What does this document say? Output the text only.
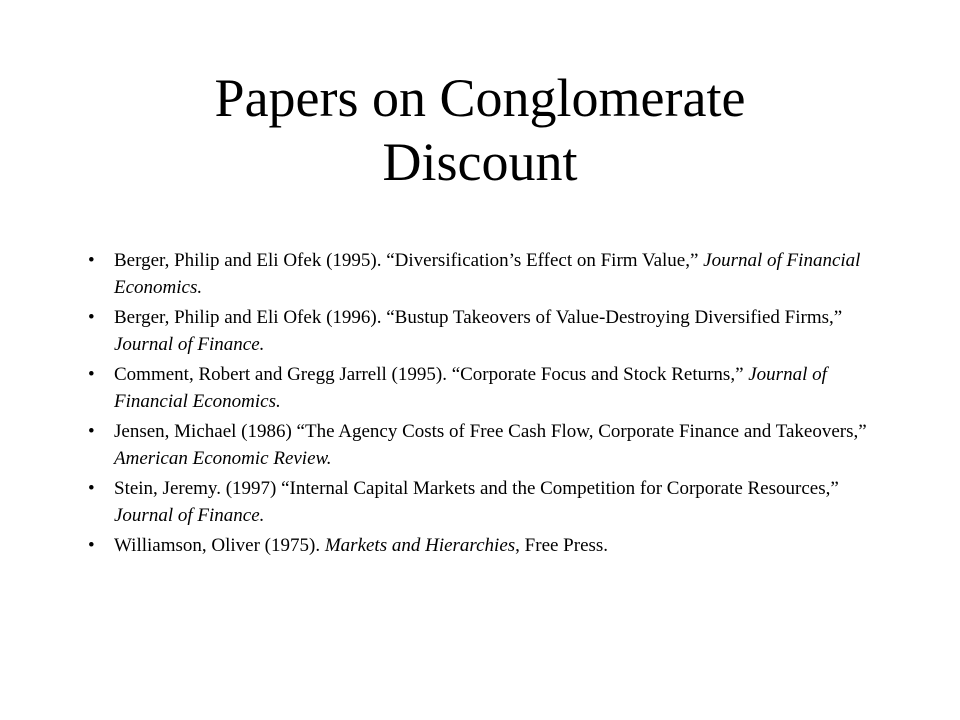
Papers on Conglomerate
Discount
•	Berger, Philip and Eli Ofek (1995). “Diversification’s Effect on Firm Value,” Journal of Financial Economics.
•	Berger, Philip and Eli Ofek (1996). “Bustup Takeovers of Value-Destroying Diversified Firms,” Journal of Finance.
•	Comment, Robert and Gregg Jarrell (1995). “Corporate Focus and Stock Returns,” Journal of Financial Economics.
•	Jensen, Michael (1986) “The Agency Costs of Free Cash Flow, Corporate Finance and Takeovers,” American Economic Review.
•	Stein, Jeremy. (1997) “Internal Capital Markets and the Competition for Corporate Resources,” Journal of Finance.
•	Williamson, Oliver (1975). Markets and Hierarchies, Free Press.
